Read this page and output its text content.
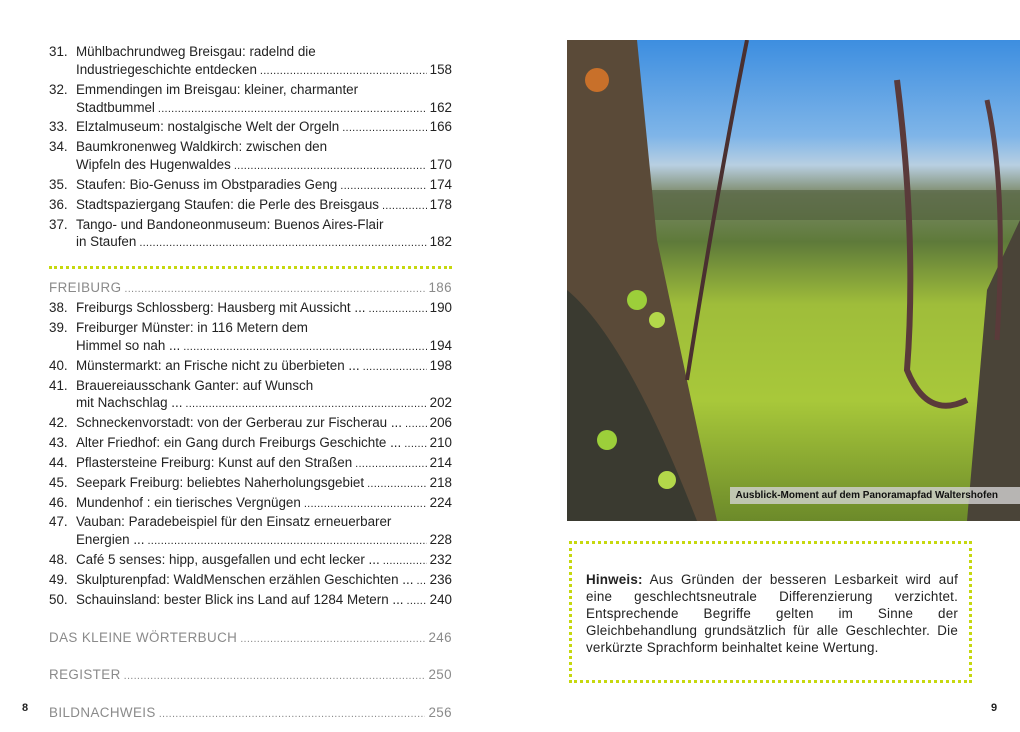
31. Mühlbachrundweg Breisgau: radelnd die
Industriegeschichte entdecken . . .	158
32. Emmendingen im Breisgau: kleiner, charmanter
Stadtbummel . . .	162
33. Elztalmuseum: nostalgische Welt der Orgeln . . .	166
34. Baumkronenweg Waldkirch: zwischen den
Wipfeln des Hugenwaldes . . .	170
35. Staufen: Bio-Genuss im Obstparadies Geng . . .	174
36. Stadtspaziergang Staufen: die Perle des Breisgaus . . .	178
37. Tango- und Bandoneonmuseum: Buenos Aires-Flair
in Staufen . . .	182
FREIBURG . . .	186
38. Freiburgs Schlossberg: Hausberg mit Aussicht ... . . .	190
39. Freiburger Münster: in 116 Metern dem
Himmel so nah ... . . .	194
40. Münstermarkt: an Frische nicht zu überbieten ... . . .	198
41. Brauereiausschank Ganter: auf Wunsch
mit Nachschlag ... . . .	202
42. Schneckenvorstadt: von der Gerberau zur Fischerau ... . . . 206
43. Alter Friedhof: ein Gang durch Freiburgs Geschichte ... . . . 210
44. Pflastersteine Freiburg: Kunst auf den Straßen . . .	214
45. Seepark Freiburg: beliebtes Naherholungsgebiet . . .	218
46. Mundenhof : ein tierisches Vergnügen . . .	224
47. Vauban: Paradebeispiel für den Einsatz erneuerbarer
Energien ... . . .	228
48. Café 5 senses: hipp, ausgefallen und echt lecker ... . . .	232
49. Skulpturenpfad: WaldMenschen erzählen Geschichten ... . . . 236
50. Schauinsland: bester Blick ins Land auf 1284 Metern ... . . . 240
DAS KLEINE WÖRTERBUCH . . .	246
REGISTER . . .	250
BILDNACHWEIS . . .	256
8	9
Ausblick-Moment auf dem Panoramapfad Waltershofen

Hinweis: Aus Gründen der besseren Lesbarkeit wird auf eine geschlechtsneutrale Differenzierung verzichtet. Entsprechende Begriffe gelten im Sinne der Gleichbehandlung grundsätzlich für alle Geschlechter. Die verkürzte Sprachform beinhaltet keine Wertung.
